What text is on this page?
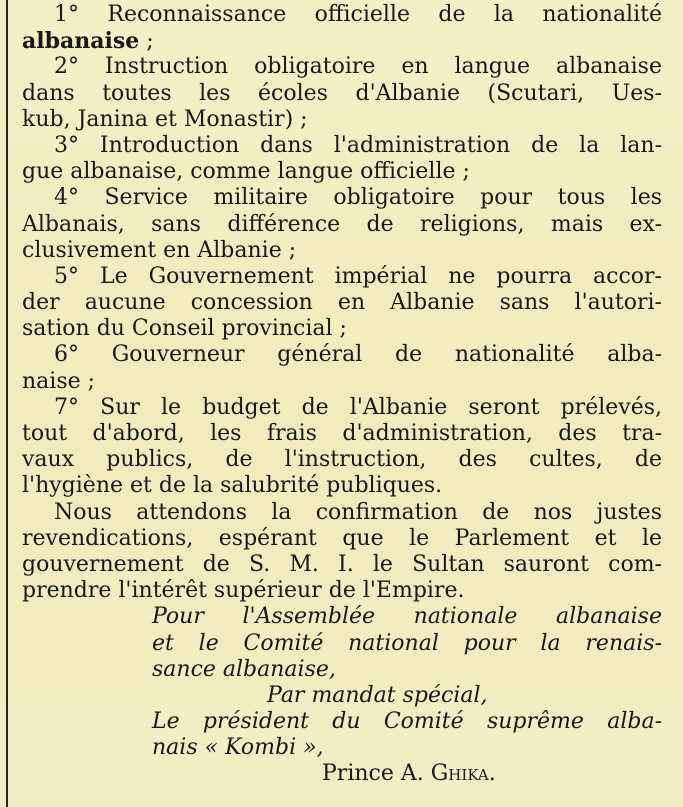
1° Reconnaissance officielle de la nationalité
albanaise ;
2° Instruction obligatoire en langue albanaise
dans toutes les écoles d'Albanie (Scutari, Ues-
kub, Janina et Monastir) ;
3° Introduction dans l'administration de la lan-
gue albanaise, comme langue officielle ;
4° Service militaire obligatoire pour tous les
Albanais, sans différence de religions, mais ex-
clusivement en Albanie ;
5° Le Gouvernement impérial ne pourra accor-
der aucune concession en Albanie sans l'autori-
sation du Conseil provincial ;
6° Gouverneur général de nationalité alba-
naise ;
7° Sur le budget de l'Albanie seront prélevés,
tout d'abord, les frais d'administration, des tra-
vaux publics, de l'instruction, des cultes, de
l'hygiène et de la salubrité publiques.
Nous attendons la confirmation de nos justes
revendications, espérant que le Parlement et le
gouvernement de S. M. I. le Sultan sauront com-
prendre l'intérêt supérieur de l'Empire.
Pour l'Assemblée nationale albanaise
et le Comité national pour la renais-
sance albanaise,
Par mandat spécial,
Le président du Comité suprême alba-
nais « Kombi »,
Prince A. Ghika.
